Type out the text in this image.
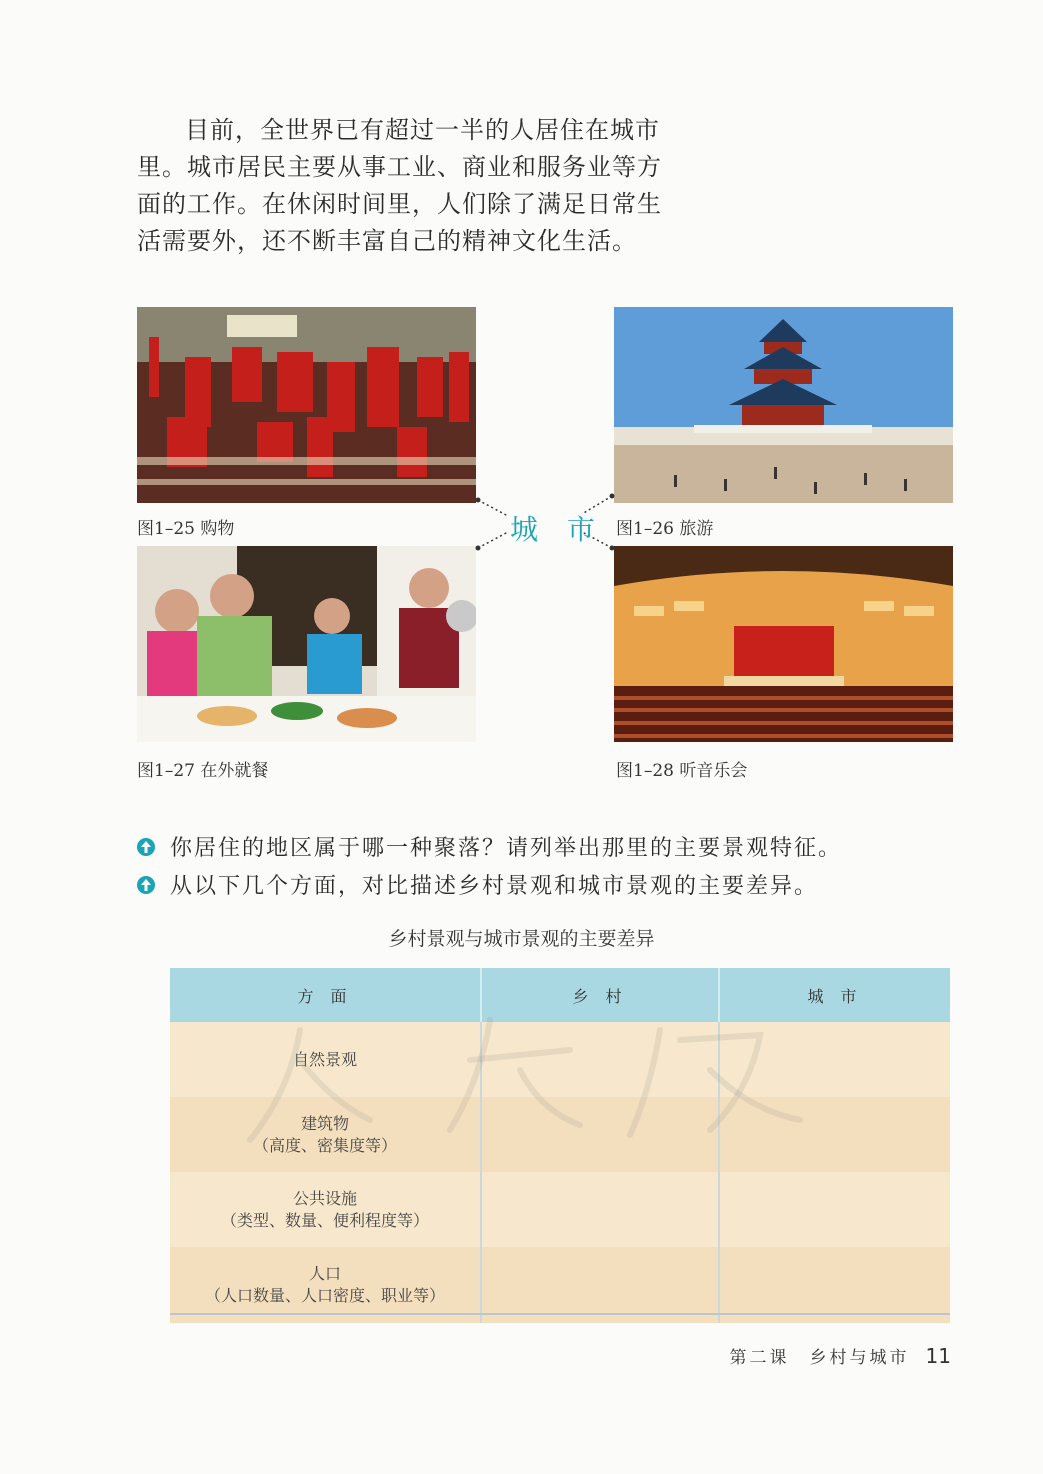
目前，全世界已有超过一半的人居住在城市里。城市居民主要从事工业、商业和服务业等方面的工作。在休闲时间里，人们除了满足日常生活需要外，还不断丰富自己的精神文化生活。

图1–25 购物	图1–26 旅游
图1–27 在外就餐	图1–28 听音乐会
城 市
你居住的地区属于哪一种聚落？请列举出那里的主要景观特征。
从以下几个方面，对比描述乡村景观和城市景观的主要差异。
乡村景观与城市景观的主要差异
方 面	乡 村	城 市

自然景观		

建筑物
（高度、密集度等）		

公共设施
（类型、数量、便利程度等）		

人口
（人口数量、人口密度、职业等）		

第二课　乡村与城市 11
